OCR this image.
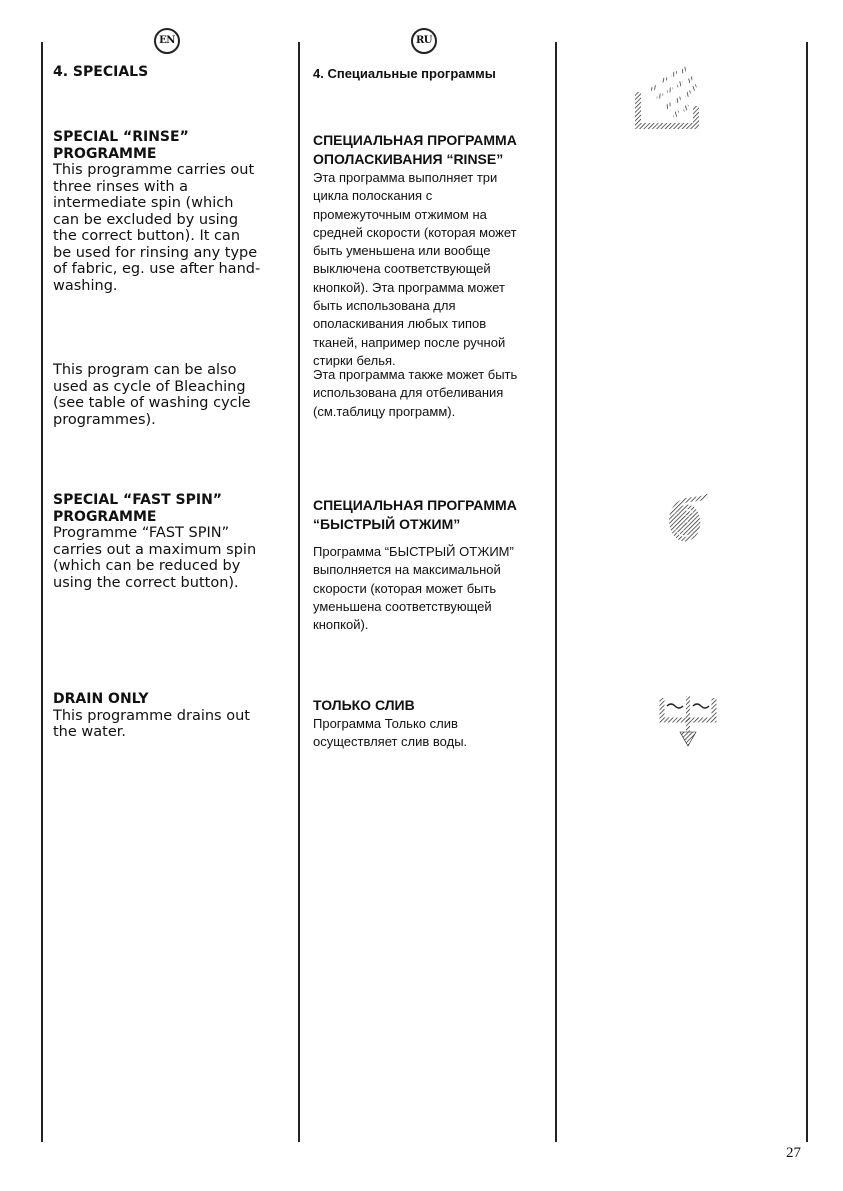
EN	RU
4. SPECIALS
SPECIAL “RINSE”
PROGRAMME
This programme carries out
three rinses with a
intermediate spin (which
can be excluded by using
the correct button). It can
be used for rinsing any type
of fabric, eg. use after hand-
washing.
This program can be also
used as cycle of Bleaching
(see table of washing cycle
programmes).
SPECIAL “FAST SPIN”
PROGRAMME
Programme “FAST SPIN”
carries out a maximum spin
(which can be reduced by
using the correct button).
DRAIN ONLY
This programme drains out
the water.
4. Специальные программы
СПЕЦИАЛЬНАЯ ПРОГРАММА
ОПОЛАСКИВАНИЯ “RINSE”
Эта программа выполняет три
цикла полоскания с
промежуточным отжимом на
средней скорости (которая может
быть уменьшена или вообще
выключена соответствующей
кнопкой). Эта программа может
быть использована для
ополаскивания любых типов
тканей, например после ручной
стирки белья.
Эта программа также может быть
использована для отбеливания
(см.таблицу программ).
СПЕЦИАЛЬНАЯ ПРОГРАММА
“БЫСТРЫЙ ОТЖИМ”
Программа “БЫСТРЫЙ ОТЖИМ”
выполняется на максимальной
скорости (которая может быть
уменьшена соответствующей
кнопкой).
ТОЛЬКО СЛИВ
Программа Только слив
осуществляет слив воды.
27
